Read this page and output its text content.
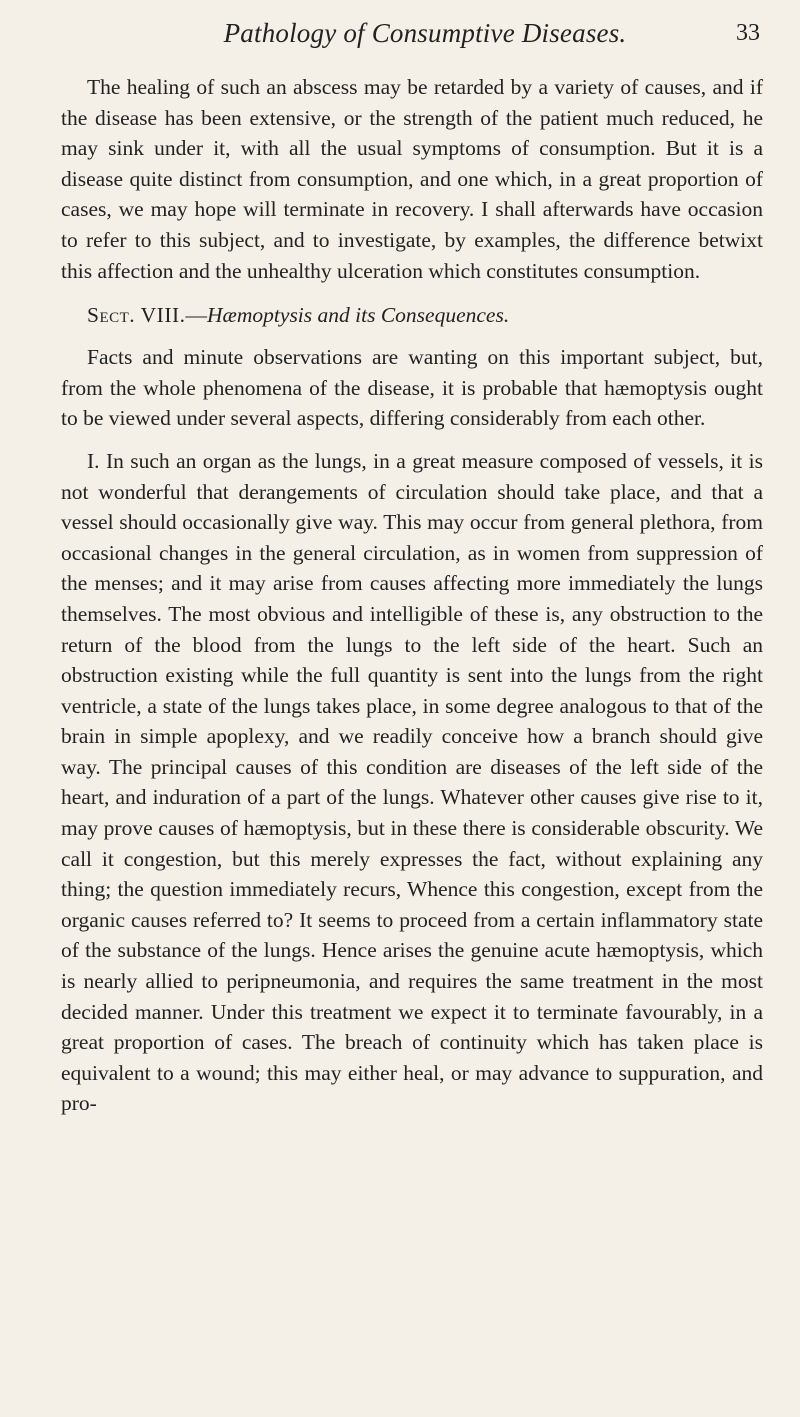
Pathology of Consumptive Diseases.	33

The healing of such an abscess may be retarded by a variety of causes, and if the disease has been extensive, or the strength of the patient much reduced, he may sink under it, with all the usual symptoms of consumption. But it is a disease quite distinct from consumption, and one which, in a great proportion of cases, we may hope will terminate in recovery. I shall afterwards have occasion to refer to this subject, and to investigate, by examples, the difference betwixt this affection and the unhealthy ulceration which constitutes consumption.

Sect. VIII.—Hæmoptysis and its Consequences.

Facts and minute observations are wanting on this important subject, but, from the whole phenomena of the disease, it is probable that hæmoptysis ought to be viewed under several aspects, differing considerably from each other.

I. In such an organ as the lungs, in a great measure composed of vessels, it is not wonderful that derangements of circulation should take place, and that a vessel should occasionally give way. This may occur from general plethora, from occasional changes in the general circulation, as in women from suppression of the menses; and it may arise from causes affecting more immediately the lungs themselves. The most obvious and intelligible of these is, any obstruction to the return of the blood from the lungs to the left side of the heart. Such an obstruction existing while the full quantity is sent into the lungs from the right ventricle, a state of the lungs takes place, in some degree analogous to that of the brain in simple apoplexy, and we readily conceive how a branch should give way. The principal causes of this condition are diseases of the left side of the heart, and induration of a part of the lungs. Whatever other causes give rise to it, may prove causes of hæmoptysis, but in these there is considerable obscurity. We call it congestion, but this merely expresses the fact, without explaining any thing; the question immediately recurs, Whence this congestion, except from the organic causes referred to? It seems to proceed from a certain inflammatory state of the substance of the lungs. Hence arises the genuine acute hæmoptysis, which is nearly allied to peripneumonia, and requires the same treatment in the most decided manner. Under this treatment we expect it to terminate favourably, in a great proportion of cases. The breach of continuity which has taken place is equivalent to a wound; this may either heal, or may advance to suppuration, and pro-
